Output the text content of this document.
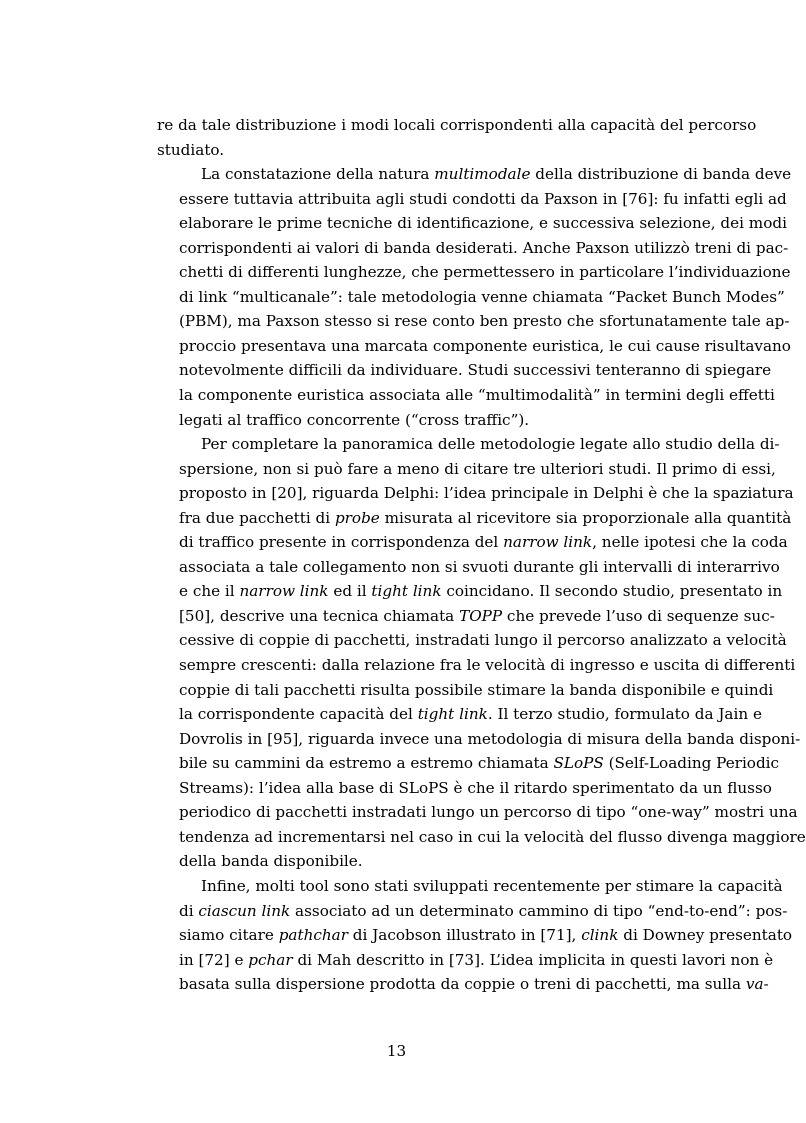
re da tale distribuzione i modi locali corrispondenti alla capacità del percorso
studiato.
La constatazione della natura multimodale della distribuzione di banda deve
essere tuttavia attribuita agli studi condotti da Paxson in [76]: fu infatti egli ad
elaborare le prime tecniche di identificazione, e successiva selezione, dei modi
corrispondenti ai valori di banda desiderati. Anche Paxson utilizzò treni di pac-
chetti di differenti lunghezze, che permettessero in particolare l’individuazione
di link “multicanale”: tale metodologia venne chiamata “Packet Bunch Modes”
(PBM), ma Paxson stesso si rese conto ben presto che sfortunatamente tale ap-
proccio presentava una marcata componente euristica, le cui cause risultavano
notevolmente difficili da individuare. Studi successivi tenteranno di spiegare
la componente euristica associata alle “multimodalità” in termini degli effetti
legati al traffico concorrente (“cross traffic”).
Per completare la panoramica delle metodologie legate allo studio della di-
spersione, non si può fare a meno di citare tre ulteriori studi. Il primo di essi,
proposto in [20], riguarda Delphi: l’idea principale in Delphi è che la spaziatura
fra due pacchetti di probe misurata al ricevitore sia proporzionale alla quantità
di traffico presente in corrispondenza del narrow link, nelle ipotesi che la coda
associata a tale collegamento non si svuoti durante gli intervalli di interarrivo
e che il narrow link ed il tight link coincidano. Il secondo studio, presentato in
[50], descrive una tecnica chiamata TOPP che prevede l’uso di sequenze suc-
cessive di coppie di pacchetti, instradati lungo il percorso analizzato a velocità
sempre crescenti: dalla relazione fra le velocità di ingresso e uscita di differenti
coppie di tali pacchetti risulta possibile stimare la banda disponibile e quindi
la corrispondente capacità del tight link. Il terzo studio, formulato da Jain e
Dovrolis in [95], riguarda invece una metodologia di misura della banda disponi-
bile su cammini da estremo a estremo chiamata SLoPS (Self-Loading Periodic
Streams): l’idea alla base di SLoPS è che il ritardo sperimentato da un flusso
periodico di pacchetti instradati lungo un percorso di tipo “one-way” mostri una
tendenza ad incrementarsi nel caso in cui la velocità del flusso divenga maggiore
della banda disponibile.
Infine, molti tool sono stati sviluppati recentemente per stimare la capacità
di ciascun link associato ad un determinato cammino di tipo “end-to-end”: pos-
siamo citare pathchar di Jacobson illustrato in [71], clink di Downey presentato
in [72] e pchar di Mah descritto in [73]. L’idea implicita in questi lavori non è
basata sulla dispersione prodotta da coppie o treni di pacchetti, ma sulla va-
13
